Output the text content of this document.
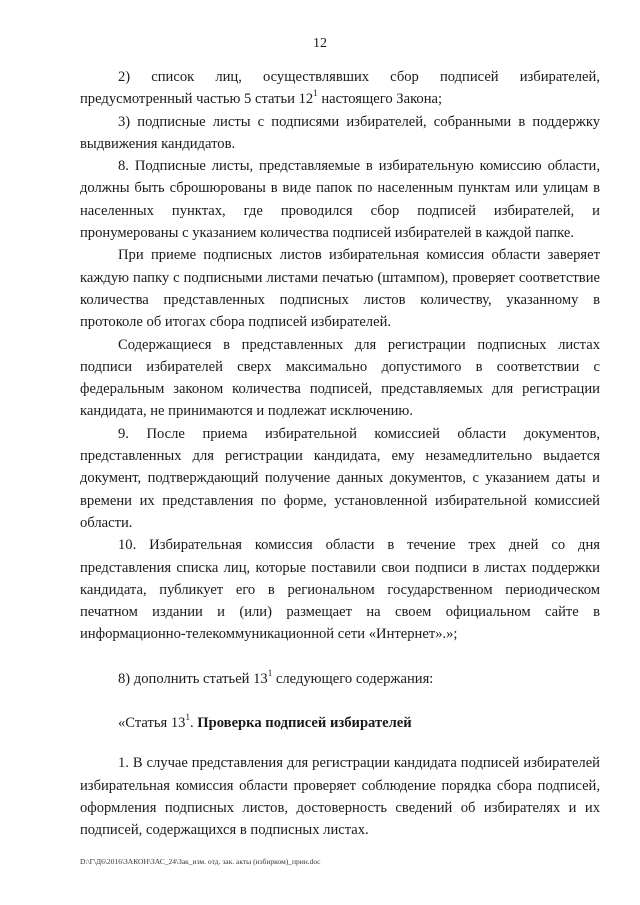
12

2) список лиц, осуществлявших сбор подписей избирателей, предусмотренный частью 5 статьи $12^1$ настоящего Закона;

3) подписные листы с подписями избирателей, собранными в поддержку выдвижения кандидатов.

8. Подписные листы, представляемые в избирательную комиссию области, должны быть сброшюрованы в виде папок по населенным пунктам или улицам в населенных пунктах, где проводился сбор подписей избирателей, и пронумерованы с указанием количества подписей избирателей в каждой папке.

При приеме подписных листов избирательная комиссия области заверяет каждую папку с подписными листами печатью (штампом), проверяет соответствие количества представленных подписных листов количеству, указанному в протоколе об итогах сбора подписей избирателей.

Содержащиеся в представленных для регистрации подписных листах подписи избирателей сверх максимально допустимого в соответствии с федеральным законом количества подписей, представляемых для регистрации кандидата, не принимаются и подлежат исключению.

9. После приема избирательной комиссией области документов, представленных для регистрации кандидата, ему незамедлительно выдается документ, подтверждающий получение данных документов, с указанием даты и времени их представления по форме, установленной избирательной комиссией области.

10. Избирательная комиссия области в течение трех дней со дня представления списка лиц, которые поставили свои подписи в листах поддержки кандидата, публикует его в региональном государственном периодическом печатном издании и (или) размещает на своем официальном сайте в информационно-телекоммуникационной сети «Интернет».»;

8) дополнить статьей $13^1$ следующего содержания:

«Статья $13^1$. Проверка подписей избирателей

1. В случае представления для регистрации кандидата подписей избирателей избирательная комиссия области проверяет соблюдение порядка сбора подписей, оформления подписных листов, достоверность сведений об избирателях и их подписей, содержащихся в подписных листах.

D:\Г\Д6\2016\ЗАКОН\ЗАС_24\Зак_изм. отд. зак. акты (избирком)_прин.doc
